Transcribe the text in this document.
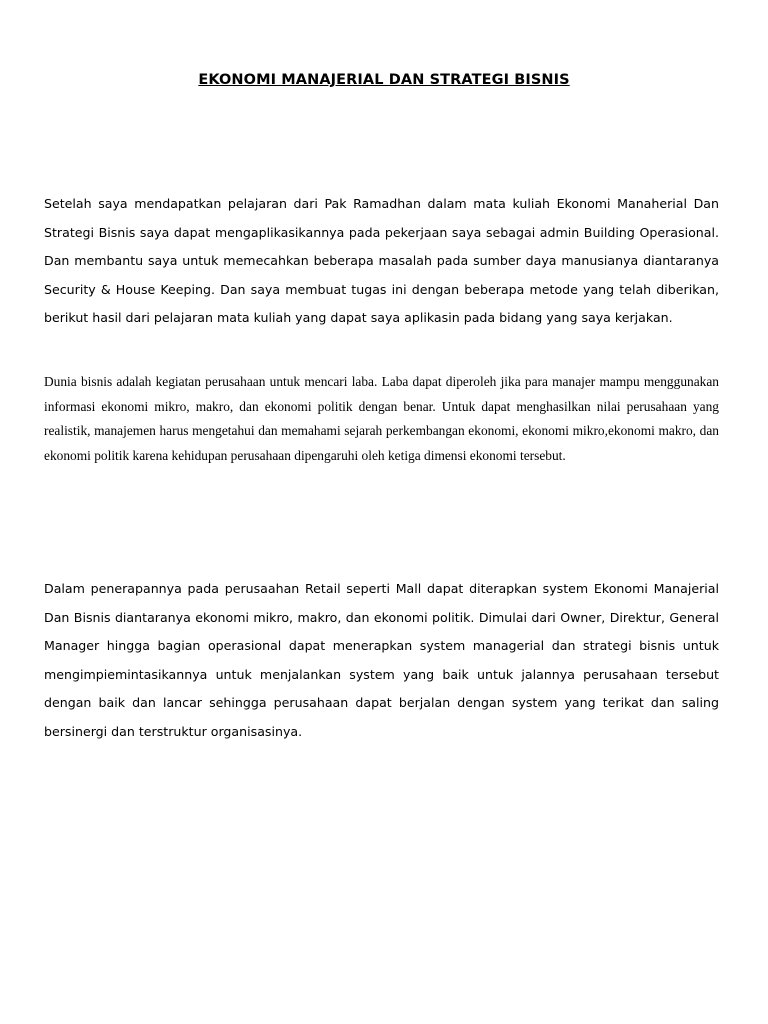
EKONOMI MANAJERIAL DAN STRATEGI BISNIS

Setelah saya mendapatkan pelajaran dari Pak Ramadhan dalam mata kuliah Ekonomi Manaherial Dan Strategi Bisnis saya dapat mengaplikasikannya pada pekerjaan saya sebagai admin Building Operasional. Dan membantu saya untuk memecahkan beberapa masalah pada sumber daya manusianya diantaranya Security & House Keeping. Dan saya membuat tugas ini dengan beberapa metode yang telah diberikan, berikut hasil dari pelajaran mata kuliah yang dapat saya aplikasin pada bidang yang saya kerjakan.

Dunia bisnis adalah kegiatan perusahaan untuk mencari laba. Laba dapat diperoleh jika para manajer mampu menggunakan informasi ekonomi mikro, makro, dan ekonomi politik dengan benar. Untuk dapat menghasilkan nilai perusahaan yang realistik, manajemen harus mengetahui dan memahami sejarah perkembangan ekonomi, ekonomi mikro,ekonomi makro, dan ekonomi politik karena kehidupan perusahaan dipengaruhi oleh ketiga dimensi ekonomi tersebut.

Dalam penerapannya pada perusaahan Retail seperti Mall dapat diterapkan system Ekonomi Manajerial Dan Bisnis diantaranya ekonomi mikro, makro, dan ekonomi politik. Dimulai dari Owner, Direktur, General Manager hingga bagian operasional dapat menerapkan system managerial dan strategi bisnis untuk mengimpiemintasikannya untuk menjalankan system yang baik untuk jalannya perusahaan tersebut dengan baik dan lancar sehingga perusahaan dapat berjalan dengan system yang terikat dan saling bersinergi dan terstruktur organisasinya.
